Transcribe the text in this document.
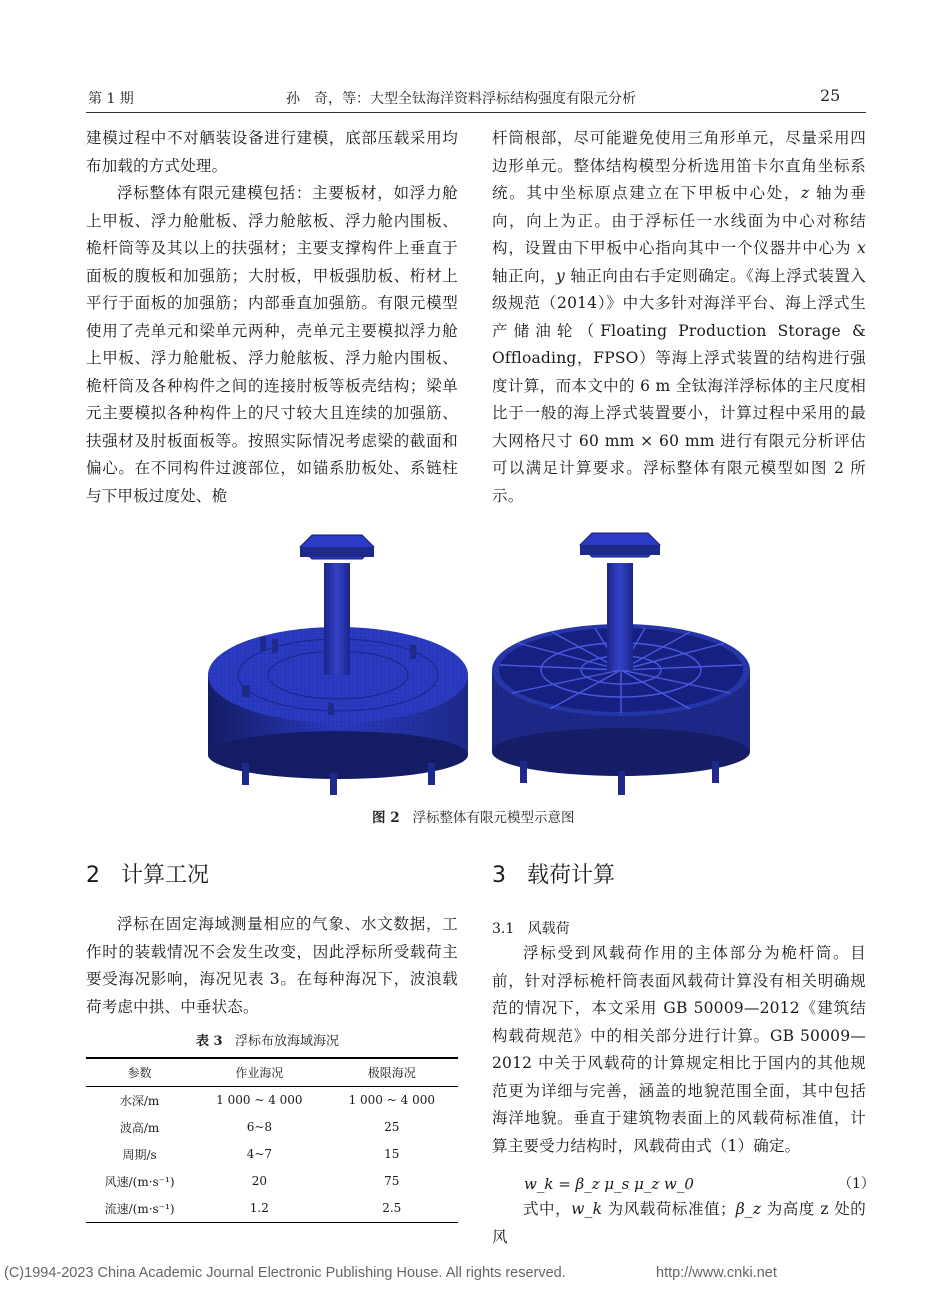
第 1 期	孙　奇，等：大型全钛海洋资料浮标结构强度有限元分析	25

建模过程中不对舾装设备进行建模，底部压载采用均布加载的方式处理。

浮标整体有限元建模包括：主要板材，如浮力舱上甲板、浮力舱舭板、浮力舱舷板、浮力舱内围板、桅杆筒等及其以上的扶强材；主要支撑构件上垂直于面板的腹板和加强筋；大肘板，甲板强肋板、桁材上平行于面板的加强筋；内部垂直加强筋。有限元模型使用了壳单元和梁单元两种，壳单元主要模拟浮力舱上甲板、浮力舱舭板、浮力舱舷板、浮力舱内围板、桅杆筒及各种构件之间的连接肘板等板壳结构；梁单元主要模拟各种构件上的尺寸较大且连续的加强筋、扶强材及肘板面板等。按照实际情况考虑梁的截面和偏心。在不同构件过渡部位，如锚系肋板处、系链柱与下甲板过度处、桅

杆筒根部，尽可能避免使用三角形单元，尽量采用四边形单元。整体结构模型分析选用笛卡尔直角坐标系统。其中坐标原点建立在下甲板中心处，z 轴为垂向，向上为正。由于浮标任一水线面为中心对称结构，设置由下甲板中心指向其中一个仪器井中心为 x 轴正向，y 轴正向由右手定则确定。《海上浮式装置入级规范（2014）》中大多针对海洋平台、海上浮式生产储油轮（Floating Production Storage & Offloading，FPSO）等海上浮式装置的结构进行强度计算，而本文中的 6 m 全钛海洋浮标体的主尺度相比于一般的海上浮式装置要小，计算过程中采用的最大网格尺寸 60 mm × 60 mm 进行有限元分析评估可以满足计算要求。浮标整体有限元模型如图 2 所示。

图 2 浮标整体有限元模型示意图
2 计算工况

浮标在固定海域测量相应的气象、水文数据，工作时的装载情况不会发生改变，因此浮标所受载荷主要受海况影响，海况见表 3。在每种海况下，波浪载荷考虑中拱、中垂状态。

表 3 浮标布放海域海况
参数	作业海况	极限海况
水深/m	1 000 ~ 4 000	1 000 ~ 4 000
波高/m	6~8	25
周期/s	4~7	15
风速/(m·s⁻¹)	20	75
流速/(m·s⁻¹)	1.2	2.5
3 载荷计算
3.1 风载荷

浮标受到风载荷作用的主体部分为桅杆筒。目前，针对浮标桅杆筒表面风载荷计算没有相关明确规范的情况下，本文采用 GB 50009—2012《建筑结构载荷规范》中的相关部分进行计算。GB 50009—2012 中关于风载荷的计算规定相比于国内的其他规范更为详细与完善，涵盖的地貌范围全面，其中包括海洋地貌。垂直于建筑物表面上的风载荷标准值，计算主要受力结构时，风载荷由式（1）确定。

w_k = β_z μ_s μ_z w_0	（1）

式中，w_k 为风载荷标准值；β_z 为高度 z 处的风

(C)1994-2023 China Academic Journal Electronic Publishing House. All rights reserved.	http://www.cnki.net
